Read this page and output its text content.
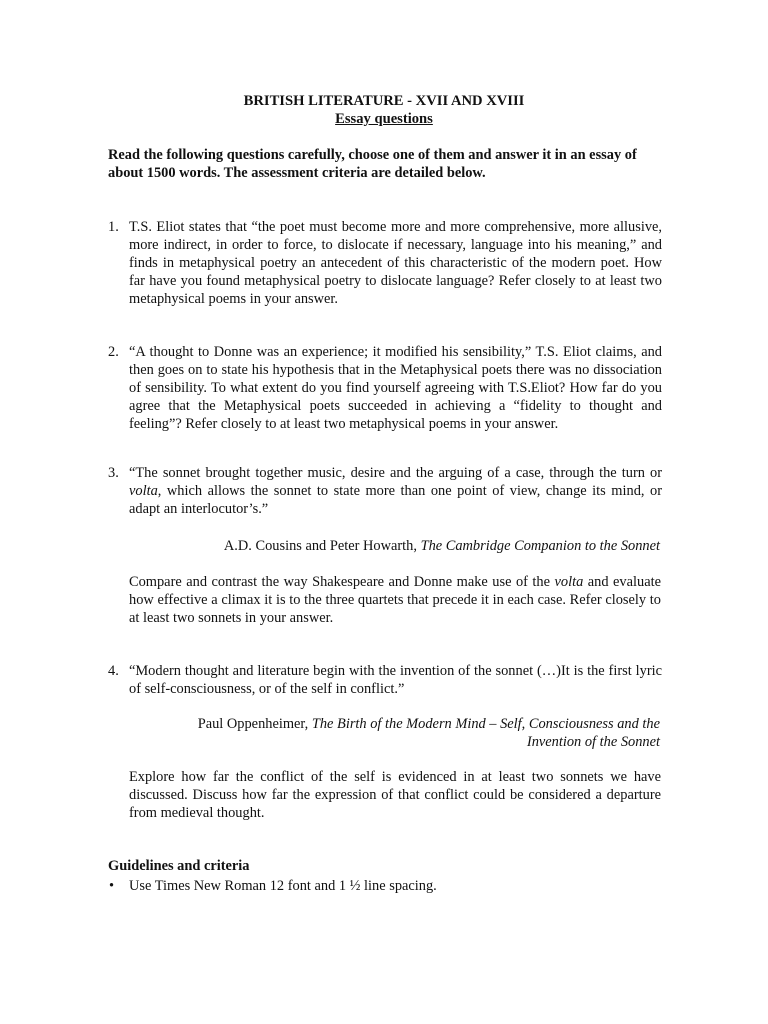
BRITISH LITERATURE - XVII AND XVIII
Essay questions
Read the following questions carefully, choose one of them and answer it in an essay of about 1500 words. The assessment criteria are detailed below.
1. T.S. Eliot states that “the poet must become more and more comprehensive, more allusive, more indirect, in order to force, to dislocate if necessary, language into his meaning,” and finds in metaphysical poetry an antecedent of this characteristic of the modern poet. How far have you found metaphysical poetry to dislocate language? Refer closely to at least two metaphysical poems in your answer.
2. “A thought to Donne was an experience; it modified his sensibility,” T.S. Eliot claims, and then goes on to state his hypothesis that in the Metaphysical poets there was no dissociation of sensibility. To what extent do you find yourself agreeing with T.S.Eliot? How far do you agree that the Metaphysical poets succeeded in achieving a “fidelity to thought and feeling”? Refer closely to at least two metaphysical poems in your answer.
3. “The sonnet brought together music, desire and the arguing of a case, through the turn or volta, which allows the sonnet to state more than one point of view, change its mind, or adapt an interlocutor’s.”
A.D. Cousins and Peter Howarth, The Cambridge Companion to the Sonnet
Compare and contrast the way Shakespeare and Donne make use of the volta and evaluate how effective a climax it is to the three quartets that precede it in each case. Refer closely to at least two sonnets in your answer.
4. “Modern thought and literature begin with the invention of the sonnet (…)It is the first lyric of self-consciousness, or of the self in conflict.”
Paul Oppenheimer, The Birth of the Modern Mind – Self, Consciousness and the
Invention of the Sonnet
Explore how far the conflict of the self is evidenced in at least two sonnets we have discussed. Discuss how far the expression of that conflict could be considered a departure from medieval thought.
Guidelines and criteria
• Use Times New Roman 12 font and 1 ½ line spacing.
